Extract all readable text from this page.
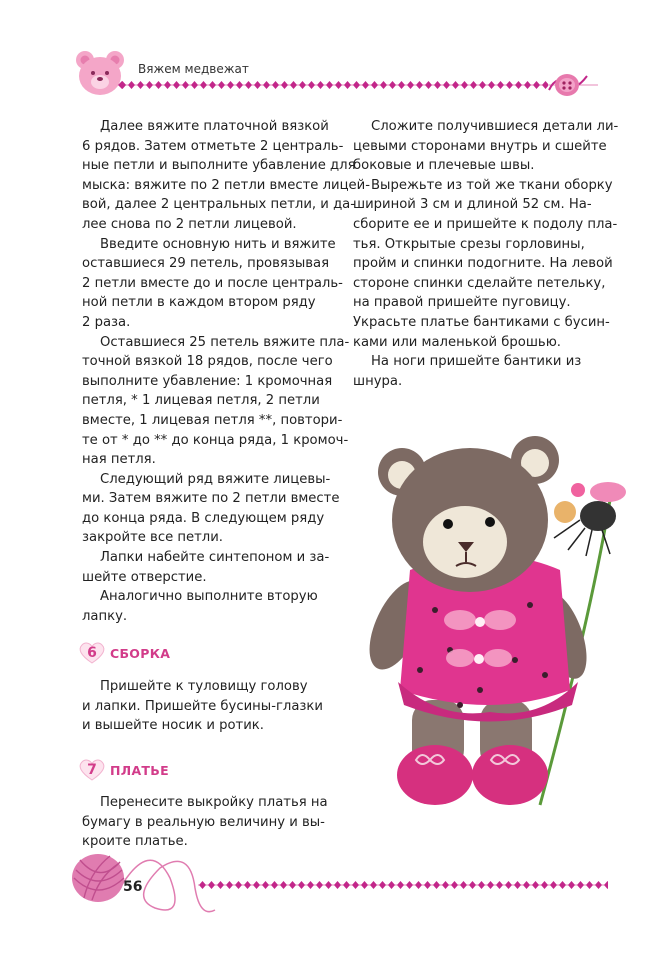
Вяжем медвежат
Далее вяжите платочной вязкой
6 рядов. Затем отметьте 2 централь-
ные петли и выполните убавление для
мыска: вяжите по 2 петли вместе лицей-
вой, далее 2 центральных петли, и да-
лее снова по 2 петли лицевой.
Введите основную нить и вяжите
оставшиеся 29 петель, провязывая
2 петли вместе до и после централь-
ной петли в каждом втором ряду
2 раза.
Оставшиеся 25 петель вяжите пла-
точной вязкой 18 рядов, после чего
выполните убавление: 1 кромочная
петля, * 1 лицевая петля, 2 петли
вместе, 1 лицевая петля **, повтори-
те от * до ** до конца ряда, 1 кромоч-
ная петля.
Следующий ряд вяжите лицевы-
ми. Затем вяжите по 2 петли вместе
до конца ряда. В следующем ряду
закройте все петли.
Лапки набейте синтепоном и за-
шейте отверстие.
Аналогично выполните вторую
лапку.
6 СБОРКА
Пришейте к туловищу голову
и лапки. Пришейте бусины-глазки
и вышейте носик и ротик.
7 ПЛАТЬЕ
Перенесите выкройку платья на
бумагу в реальную величину и вы-
кроите платье.
Сложите получившиеся детали ли-
цевыми сторонами внутрь и сшейте
боковые и плечевые швы.
Вырежьте из той же ткани оборку
шириной 3 см и длиной 52 см. На-
сборите ее и пришейте к подолу пла-
тья. Открытые срезы горловины,
пройм и спинки подогните. На левой
стороне спинки сделайте петельку,
на правой пришейте пуговицу.
Украсьте платье бантиками с бусин-
ками или маленькой брошью.
На ноги пришейте бантики из
шнура.
56
